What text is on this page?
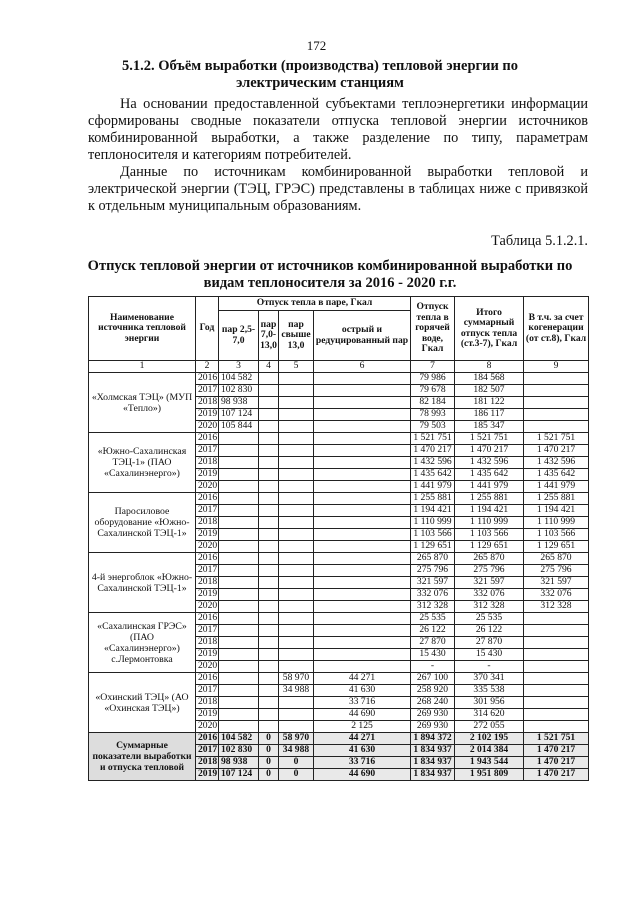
172
5.1.2. Объём выработки (производства) тепловой энергии по электрическим станциям
На основании предоставленной субъектами теплоэнергетики информации сформированы сводные показатели отпуска тепловой энергии источников комбинированной выработки, а также разделение по типу, параметрам теплоносителя и категориям потребителей.
Данные по источникам комбинированной выработки тепловой и электрической энергии (ТЭЦ, ГРЭС) представлены в таблицах ниже с привязкой к отдельным муниципальным образованиям.
Таблица 5.1.2.1.
Отпуск тепловой энергии от источников комбинированной выработки по видам теплоносителя за 2016 - 2020 г.г.
Наименование источника тепловой энергии	Год	Отпуск тепла в паре, Гкал				Отпуск тепла в горячей воде, Гкал	Итого суммарный отпуск тепла (ст.3-7), Гкал	В т.ч. за счет когенерации (от ст.8), Гкал
		пар 2,5-7,0	пар 7,0-13,0	пар свыше 13,0	острый и редуцированный пар			
1	2	3	4	5	6	7	8	9
«Холмская ТЭЦ» (МУП «Тепло»)	2016	104 582				79 986	184 568	
	2017	102 830				79 678	182 507	
	2018	98 938				82 184	181 122	
	2019	107 124				78 993	186 117	
	2020	105 844				79 503	185 347	
«Южно-Сахалинская ТЭЦ-1» (ПАО «Сахалинэнерго»)	2016					1 521 751	1 521 751	1 521 751
	2017					1 470 217	1 470 217	1 470 217
	2018					1 432 596	1 432 596	1 432 596
	2019					1 435 642	1 435 642	1 435 642
	2020					1 441 979	1 441 979	1 441 979
Паросиловое оборудование «Южно-Сахалинской ТЭЦ-1»	2016					1 255 881	1 255 881	1 255 881
	2017					1 194 421	1 194 421	1 194 421
	2018					1 110 999	1 110 999	1 110 999
	2019					1 103 566	1 103 566	1 103 566
	2020					1 129 651	1 129 651	1 129 651
4-й энергоблок «Южно-Сахалинской ТЭЦ-1»	2016					265 870	265 870	265 870
	2017					275 796	275 796	275 796
	2018					321 597	321 597	321 597
	2019					332 076	332 076	332 076
	2020					312 328	312 328	312 328
«Сахалинская ГРЭС» (ПАО «Сахалинэнерго») с.Лермонтовка	2016					25 535	25 535	
	2017					26 122	26 122	
	2018					27 870	27 870	
	2019					15 430	15 430	
	2020					-	-	
«Охинский ТЭЦ» (АО «Охинская ТЭЦ»)	2016			58 970	44 271	267 100	370 341	
	2017			34 988	41 630	258 920	335 538	
	2018				33 716	268 240	301 956	
	2019				44 690	269 930	314 620	
	2020				2 125	269 930	272 055	
Суммарные показатели выработки и отпуска тепловой	2016	104 582	0	58 970	44 271	1 894 372	2 102 195	1 521 751
	2017	102 830	0	34 988	41 630	1 834 937	2 014 384	1 470 217
	2018	98 938	0	0	33 716	1 834 937	1 943 544	1 470 217
	2019	107 124	0	0	44 690	1 834 937	1 951 809	1 470 217
